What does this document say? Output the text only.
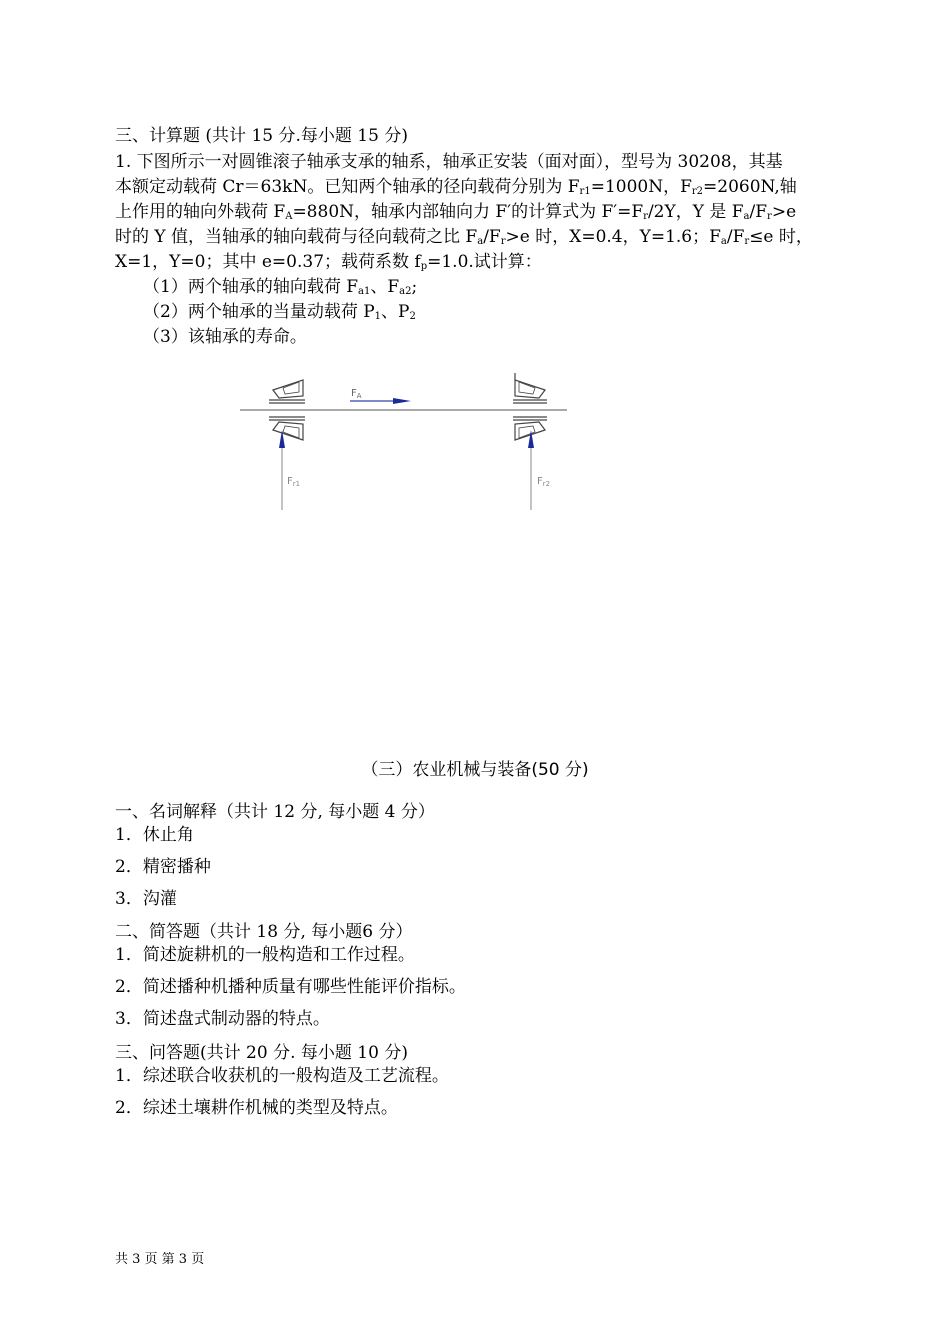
三、计算题 (共计 15 分.每小题 15 分)
1. 下图所示一对圆锥滚子轴承支承的轴系，轴承正安装（面对面），型号为 30208，其基
本额定动载荷 Cr＝63kN。已知两个轴承的径向载荷分别为 $F_{r1}=1000N$，$F_{r2}=2060N$,轴
上作用的轴向外载荷 $F_A=880N$，轴承内部轴向力 F′的计算式为 $F'=F_r/2Y$，Y 是 $F_a/F_r>e$
时的 Y 值，当轴承的轴向载荷与径向载荷之比 $F_a/F_r>e$ 时，X=0.4，Y=1.6；$F_a/F_r\le e$ 时，
X=1，Y=0；其中 e=0.37；载荷系数 $f_p=1.0$.试计算：
（1）两个轴承的轴向载荷 $F_{a1}$、$F_{a2}$;
（2）两个轴承的当量动载荷 $P_1$、$P_2$
（3）该轴承的寿命。
$F_A$
$F_{r1}$	$F_{r2}$
（三）农业机械与装备(50 分)
一、名词解释（共计 12 分, 每小题 4 分）
1．休止角
2．精密播种
3．沟灌
二、简答题（共计 18 分, 每小题6 分）
1．简述旋耕机的一般构造和工作过程。
2．简述播种机播种质量有哪些性能评价指标。
3．简述盘式制动器的特点。
三、问答题(共计 20 分. 每小题 10 分)
1．综述联合收获机的一般构造及工艺流程。
2．综述土壤耕作机械的类型及特点。
共 3 页 第 3 页
